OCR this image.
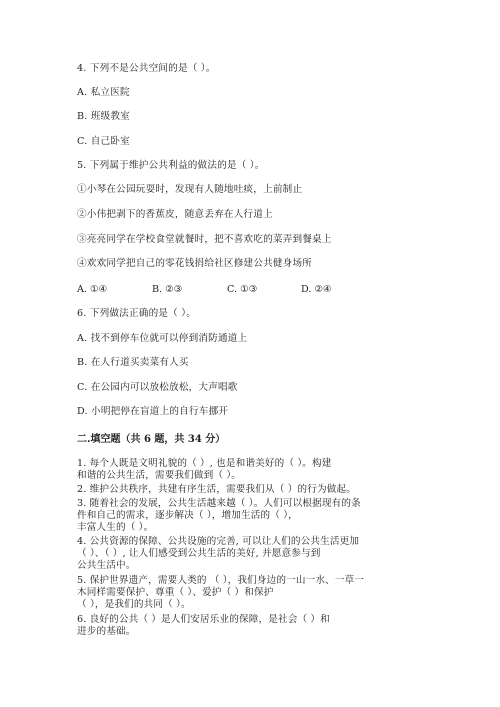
4. 下列不是公共空间的是（ ）。
A. 私立医院
B. 班级教室
C. 自己卧室
5. 下列属于维护公共利益的做法的是（ ）。
①小琴在公园玩耍时，发现有人随地吐痰，上前制止
②小伟把剥下的香蕉皮，随意丢弃在人行道上
③亮亮同学在学校食堂就餐时，把不喜欢吃的菜弄到餐桌上
④欢欢同学把自己的零花钱捐给社区修建公共健身场所
A. ①④	B. ②③	C. ①③	D. ②④
6. 下列做法正确的是（ ）。
A. 找不到停车位就可以停到消防通道上
B. 在人行道买卖菜有人买
C. 在公园内可以放松放松，大声唱歌
D. 小明把停在盲道上的自行车挪开
二.填空题（共 6 题，共 34 分）
1. 每个人既是文明礼貌的（ ）, 也是和谐美好的（ ）。构建
和谐的公共生活，需要我们做到（ ）。
2. 维护公共秩序，共建有序生活，需要我们从（ ）的行为做起。
3. 随着社会的发展，公共生活越来越（ ）。人们可以根据现有的条
件和自己的需求，逐步解决（ ），增加生活的（ ），
丰富人生的（ ）。
4. 公共资源的保障、公共设施的完善, 可以让人们的公共生活更加
（ ）、（ ）, 让人们感受到公共生活的美好, 并愿意参与到
公共生活中。
5. 保护世界遗产，需要人类的 （ ），我们身边的一山一水、一草一
木同样需要保护、尊重（ ）、爱护（ ）和保护
（ ），是我们的共同（ ）。
6. 良好的公共（ ）是人们安居乐业的保障，是社会（ ）和
进步的基础。
